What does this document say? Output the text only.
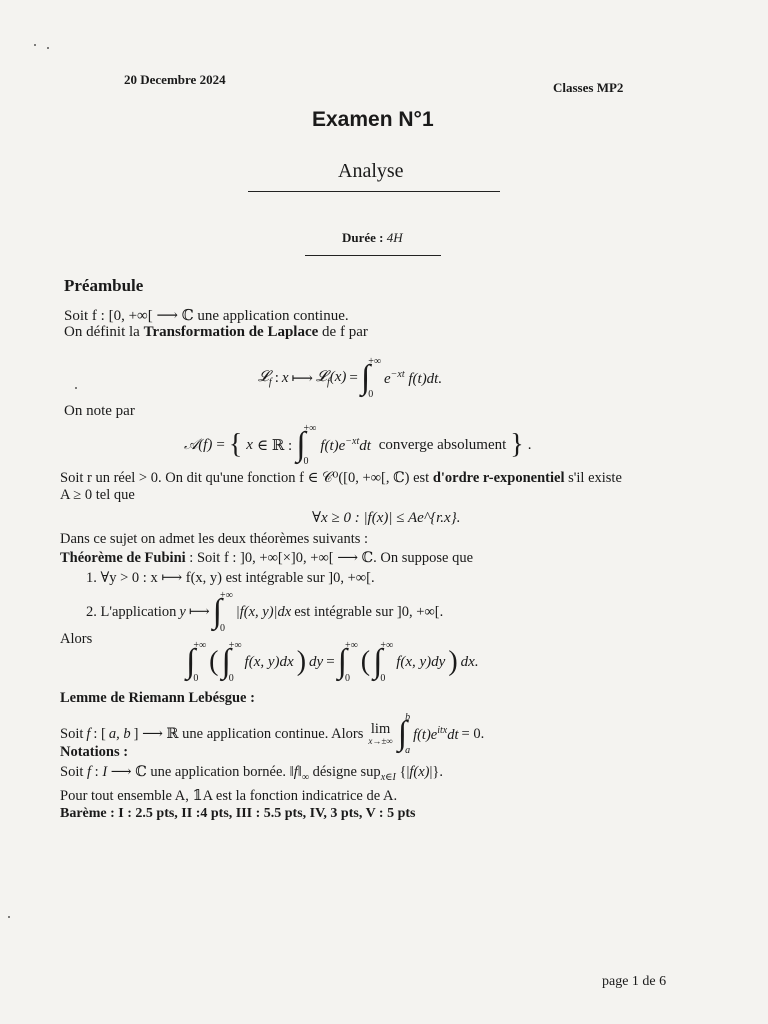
20 Decembre 2024
Classes MP2
Examen N°1
Analyse
Durée : 4H
Préambule
Soit f : [0, +∞[ ⟶ ℂ une application continue.
On définit la Transformation de Laplace de f par
𝓛$_f$ : x ⟼ 𝓛$_f$(x) = ∫
+∞
0
$e^{-xt}$ f(t)dt.
On note par
𝒜(f) = { x ∈ ℝ : ∫
+∞
0
$f(t)e^{-xt}dt$ converge absolument } .
Soit r un réel > 0. On dit qu'une fonction f ∈ 𝒞⁰([0, +∞[, ℂ) est d'ordre r-exponentiel s'il existe
A ≥ 0 tel que
∀x ≥ 0 : |f(x)| ≤ Ae^{r.x}.
Dans ce sujet on admet les deux théorèmes suivants :
Théorème de Fubini : Soit f : ]0, +∞[×]0, +∞[ ⟶ ℂ. On suppose que
1. ∀y > 0 : x ⟼ f(x, y) est intégrable sur ]0, +∞[.
2. L'application y ⟼ ∫
+∞
0
|f(x, y)|dx est intégrable sur ]0, +∞[.
Alors
∫
+∞
0
( ∫
+∞
0
f(x, y)dx ) dy = ∫
+∞
0
( ∫
+∞
0
f(x, y)dy ) dx.
Lemme de Riemann Lebésgue :
Soit f : [ a, b ] ⟶ ℝ une application continue. Alors lim
x→±∞ ∫
b
a
$f(t)e^{itx}dt = 0$.
Notations :
Soit f : I ⟶ ℂ une application bornée. $‖f‖_\infty$ désigne sup$_{x\in I}$ {|f(x)|}.
Pour tout ensemble A, 𝟙A est la fonction indicatrice de A.
Barème : I : 2.5 pts, II :4 pts, III : 5.5 pts, IV, 3 pts, V : 5 pts
page 1 de 6
